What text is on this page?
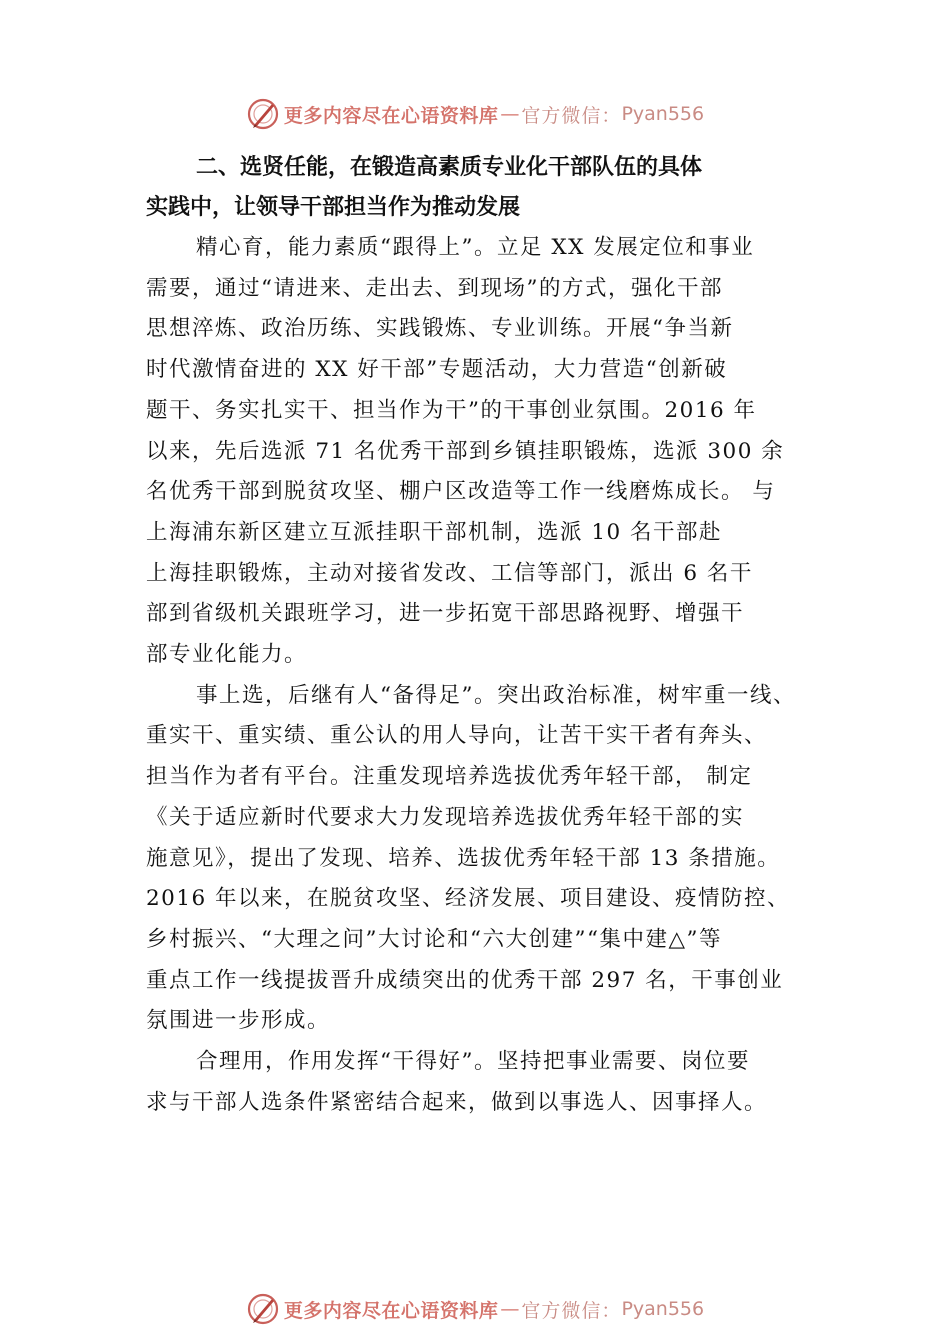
更多内容尽在心语资料库 — 官方微信： Pyan556
二、选贤任能，在锻造高素质专业化干部队伍的具体
实践中，让领导干部担当作为推动发展
精心育，能力素质“跟得上”。立足 XX 发展定位和事业
需要，通过“请进来、走出去、到现场”的方式，强化干部
思想淬炼、政治历练、实践锻炼、专业训练。开展“争当新
时代激情奋进的 XX 好干部”专题活动，大力营造“创新破
题干、务实扎实干、担当作为干”的干事创业氛围。2016 年
以来，先后选派 71 名优秀干部到乡镇挂职锻炼，选派 300 余
名优秀干部到脱贫攻坚、棚户区改造等工作一线磨炼成长。 与
上海浦东新区建立互派挂职干部机制，选派 10 名干部赴
上海挂职锻炼，主动对接省发改、工信等部门，派出 6 名干
部到省级机关跟班学习，进一步拓宽干部思路视野、增强干
部专业化能力。
事上选，后继有人“备得足”。突出政治标准，树牢重一线、
重实干、重实绩、重公认的用人导向，让苦干实干者有奔头、
担当作为者有平台。注重发现培养选拔优秀年轻干部， 制定
《关于适应新时代要求大力发现培养选拔优秀年轻干部的实
施意见》，提出了发现、培养、选拔优秀年轻干部 13 条措施。
2016 年以来，在脱贫攻坚、经济发展、项目建设、疫情防控、
乡村振兴、“大理之问”大讨论和“六大创建”“集中建△”等
重点工作一线提拔晋升成绩突出的优秀干部 297 名，干事创业
氛围进一步形成。
合理用，作用发挥“干得好”。坚持把事业需要、岗位要
求与干部人选条件紧密结合起来，做到以事选人、因事择人。
更多内容尽在心语资料库 — 官方微信： Pyan556
